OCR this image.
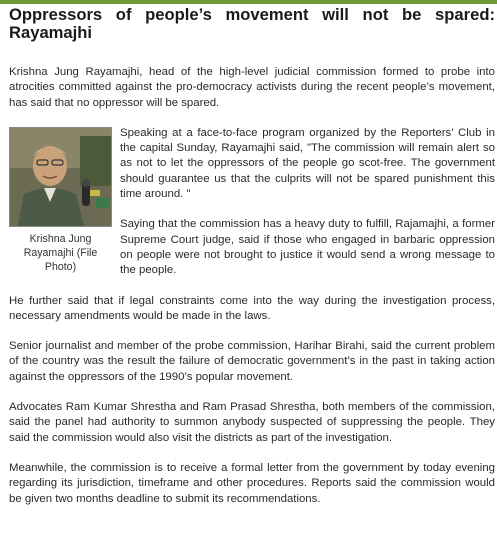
Oppressors of people’s movement will not be spared: Rayamajhi

Krishna Jung Rayamajhi, head of the high-level judicial commission formed to probe into atrocities committed against the pro-democracy activists during the recent people’s movement, has said that no oppressor will be spared.

Krishna Jung Rayamajhi (File Photo)

Speaking at a face-to-face program organized by the Reporters’ Club in the capital Sunday, Rayamajhi said, "The commission will remain alert so as not to let the oppressors of the people go scot-free. The government should guarantee us that the culprits will not be spared punishment this time around. "

Saying that the commission has a heavy duty to fulfill, Rajamajhi, a former Supreme Court judge, said if those who engaged in barbaric oppression on people were not brought to justice it would send a wrong message to the people.

He further said that if legal constraints come into the way during the investigation process, necessary amendments would be made in the laws.

Senior journalist and member of the probe commission, Harihar Birahi, said the current problem of the country was the result the failure of democratic government’s in the past in taking action against the oppressors of the 1990’s popular movement.

Advocates Ram Kumar Shrestha and Ram Prasad Shrestha, both members of the commission, said the panel had authority to summon anybody suspected of suppressing the people. They said the commission would also visit the districts as part of the investigation.

Meanwhile, the commission is to receive a formal letter from the government by today evening regarding its jurisdiction, timeframe and other procedures. Reports said the commission would be given two months deadline to submit its recommendations.
